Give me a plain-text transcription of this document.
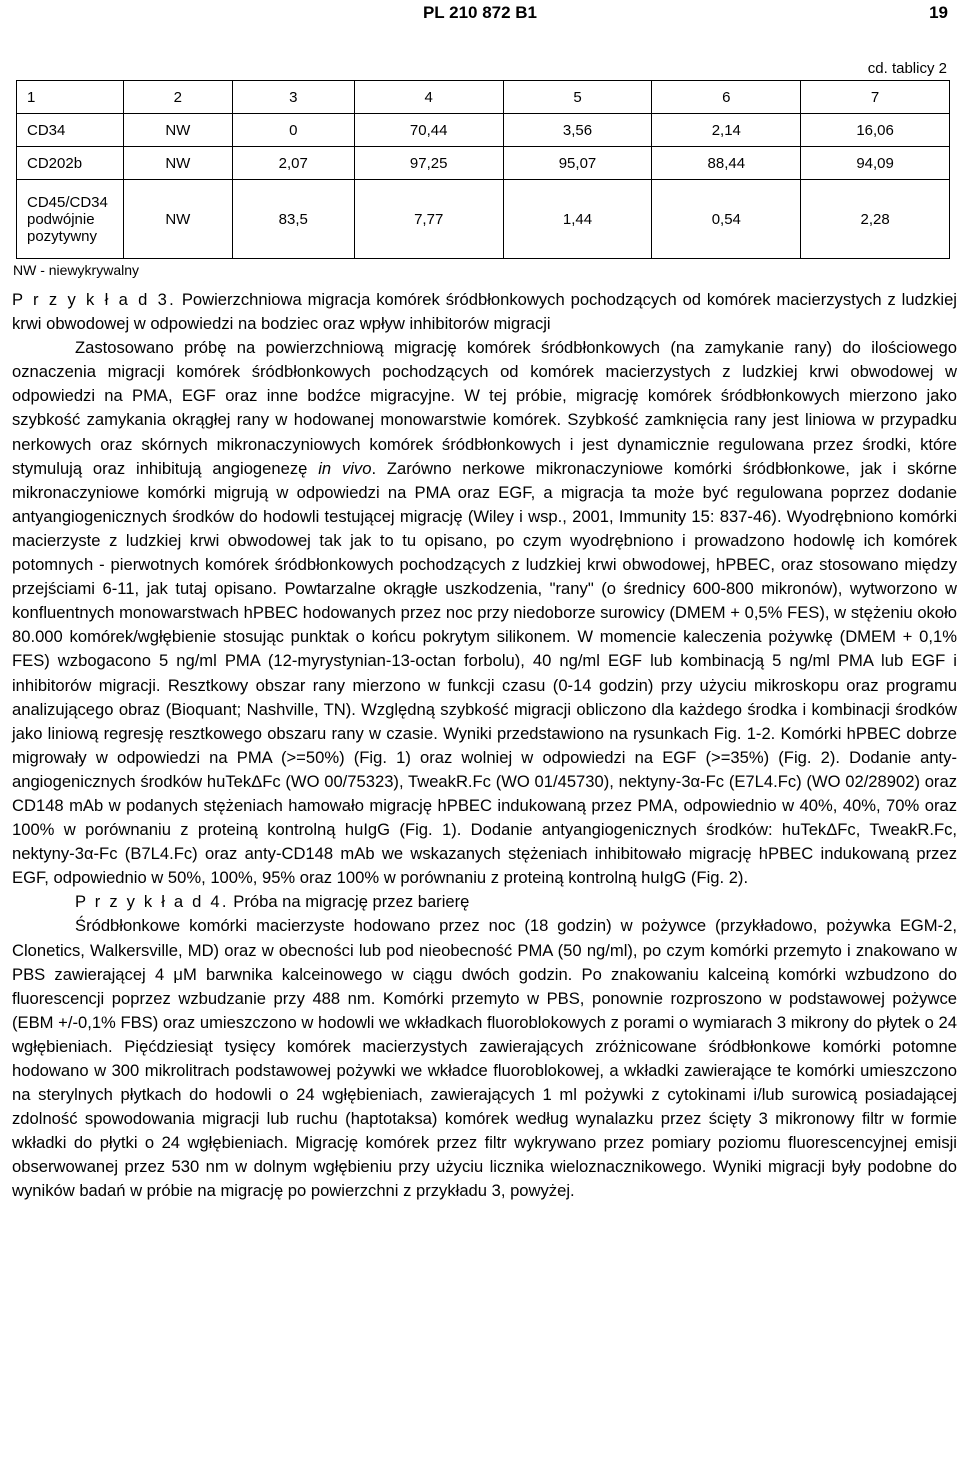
PL 210 872 B1	19
cd. tablicy 2
1	2	3	4	5	6	7
CD34	NW	0	70,44	3,56	2,14	16,06
CD202b	NW	2,07	97,25	95,07	88,44	94,09
CD45/CD34
podwójnie
pozytywny	NW	83,5	7,77	1,44	0,54	2,28
NW - niewykrywalny

P r z y k ł a d 3. Powierzchniowa migracja komórek śródbłonkowych pochodzących od komórek macierzystych z ludzkiej krwi obwodowej w odpowiedzi na bodziec oraz wpływ inhibitorów migracji

Zastosowano próbę na powierzchniową migrację komórek śródbłonkowych (na zamykanie rany) do ilościowego oznaczenia migracji komórek śródbłonkowych pochodzących od komórek macierzystych z ludzkiej krwi obwodowej w odpowiedzi na PMA, EGF oraz inne bodźce migracyjne. W tej próbie, migrację komórek śródbłonkowych mierzono jako szybkość zamykania okrągłej rany w hodowanej monowarstwie komórek. Szybkość zamknięcia rany jest liniowa w przypadku nerkowych oraz skórnych mikronaczyniowych komórek śródbłonkowych i jest dynamicznie regulowana przez środki, które stymulują oraz inhibitują angiogenezę in vivo. Zarówno nerkowe mikronaczyniowe komórki śródbłonkowe, jak i skórne mikronaczyniowe komórki migrują w odpowiedzi na PMA oraz EGF, a migracja ta może być regulowana poprzez dodanie antyangiogenicznych środków do hodowli testującej migrację (Wiley i wsp., 2001, Immunity 15: 837-46). Wyodrębniono komórki macierzyste z ludzkiej krwi obwodowej tak jak to tu opisano, po czym wyodrębniono i prowadzono hodowlę ich komórek potomnych - pierwotnych komórek śródbłonkowych pochodzących z ludzkiej krwi obwodowej, hPBEC, oraz stosowano między przejściami 6-11, jak tutaj opisano. Powtarzalne okrągłe uszkodzenia, "rany" (o średnicy 600-800 mikronów), wytworzono w konfluentnych monowarstwach hPBEC hodowanych przez noc przy niedoborze surowicy (DMEM + 0,5% FES), w stężeniu około 80.000 komórek/wgłębienie stosując punktak o końcu pokrytym silikonem. W momencie kaleczenia pożywkę (DMEM + 0,1% FES) wzbogacono 5 ng/ml PMA (12-myrystynian-13-octan forbolu), 40 ng/ml EGF lub kombinacją 5 ng/ml PMA lub EGF i inhibitorów migracji. Resztkowy obszar rany mierzono w funkcji czasu (0-14 godzin) przy użyciu mikroskopu oraz programu analizującego obraz (Bioquant; Nashville, TN). Względną szybkość migracji obliczono dla każdego środka i kombinacji środków jako liniową regresję resztkowego obszaru rany w czasie. Wyniki przedstawiono na rysunkach Fig. 1-2. Komórki hPBEC dobrze migrowały w odpowiedzi na PMA (>=50%) (Fig. 1) oraz wolniej w odpowiedzi na EGF (>=35%) (Fig. 2). Dodanie anty-angiogenicznych środków huTekΔFc (WO 00/75323), TweakR.Fc (WO 01/45730), nektyny-3α-Fc (E7L4.Fc) (WO 02/28902) oraz CD148 mAb w podanych stężeniach hamowało migrację hPBEC indukowaną przez PMA, odpowiednio w 40%, 40%, 70% oraz 100% w porównaniu z proteiną kontrolną huIgG (Fig. 1). Dodanie antyangiogenicznych środków: huTekΔFc, TweakR.Fc, nektyny-3α-Fc (B7L4.Fc) oraz anty-CD148 mAb we wskazanych stężeniach inhibitowało migrację hPBEC indukowaną przez EGF, odpowiednio w 50%, 100%, 95% oraz 100% w porównaniu z proteiną kontrolną huIgG (Fig. 2).

P r z y k ł a d 4. Próba na migrację przez barierę

Śródbłonkowe komórki macierzyste hodowano przez noc (18 godzin) w pożywce (przykładowo, pożywka EGM-2, Clonetics, Walkersville, MD) oraz w obecności lub pod nieobecność PMA (50 ng/ml), po czym komórki przemyto i znakowano w PBS zawierającej 4 μM barwnika kalceinowego w ciągu dwóch godzin. Po znakowaniu kalceiną komórki wzbudzono do fluorescencji poprzez wzbudzanie przy 488 nm. Komórki przemyto w PBS, ponownie rozproszono w podstawowej pożywce (EBM +/-0,1% FBS) oraz umieszczono w hodowli we wkładkach fluoroblokowych z porami o wymiarach 3 mikrony do płytek o 24 wgłębieniach. Pięćdziesiąt tysięcy komórek macierzystych zawierających zróżnicowane śródbłonkowe komórki potomne hodowano w 300 mikrolitrach podstawowej pożywki we wkładce fluoroblokowej, a wkładki zawierające te komórki umieszczono na sterylnych płytkach do hodowli o 24 wgłębieniach, zawierających 1 ml pożywki z cytokinami i/lub surowicą posiadającej zdolność spowodowania migracji lub ruchu (haptotaksa) komórek według wynalazku przez ścięty 3 mikronowy filtr w formie wkładki do płytki o 24 wgłębieniach. Migrację komórek przez filtr wykrywano przez pomiary poziomu fluorescencyjnej emisji obserwowanej przez 530 nm w dolnym wgłębieniu przy użyciu licznika wieloznacznikowego. Wyniki migracji były podobne do wyników badań w próbie na migrację po powierzchni z przykładu 3, powyżej.
